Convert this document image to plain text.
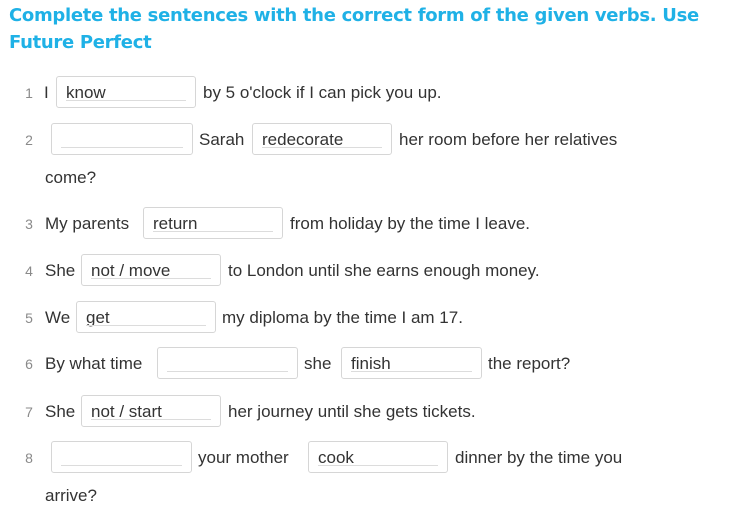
Complete the sentences with the correct form of the given verbs. Use Future Perfect
1 I know	by 5 o'clock if I can pick you up.
2	Sarah redecorate	her room before her relatives
come?
3 My parents return	from holiday by the time I leave.
4 She not / move	to London until she earns enough money.
5 We get	my diploma by the time I am 17.
6 By what time	she finish	the report?
7 She not / start	her journey until she gets tickets.
8	your mother cook	dinner by the time you
arrive?
